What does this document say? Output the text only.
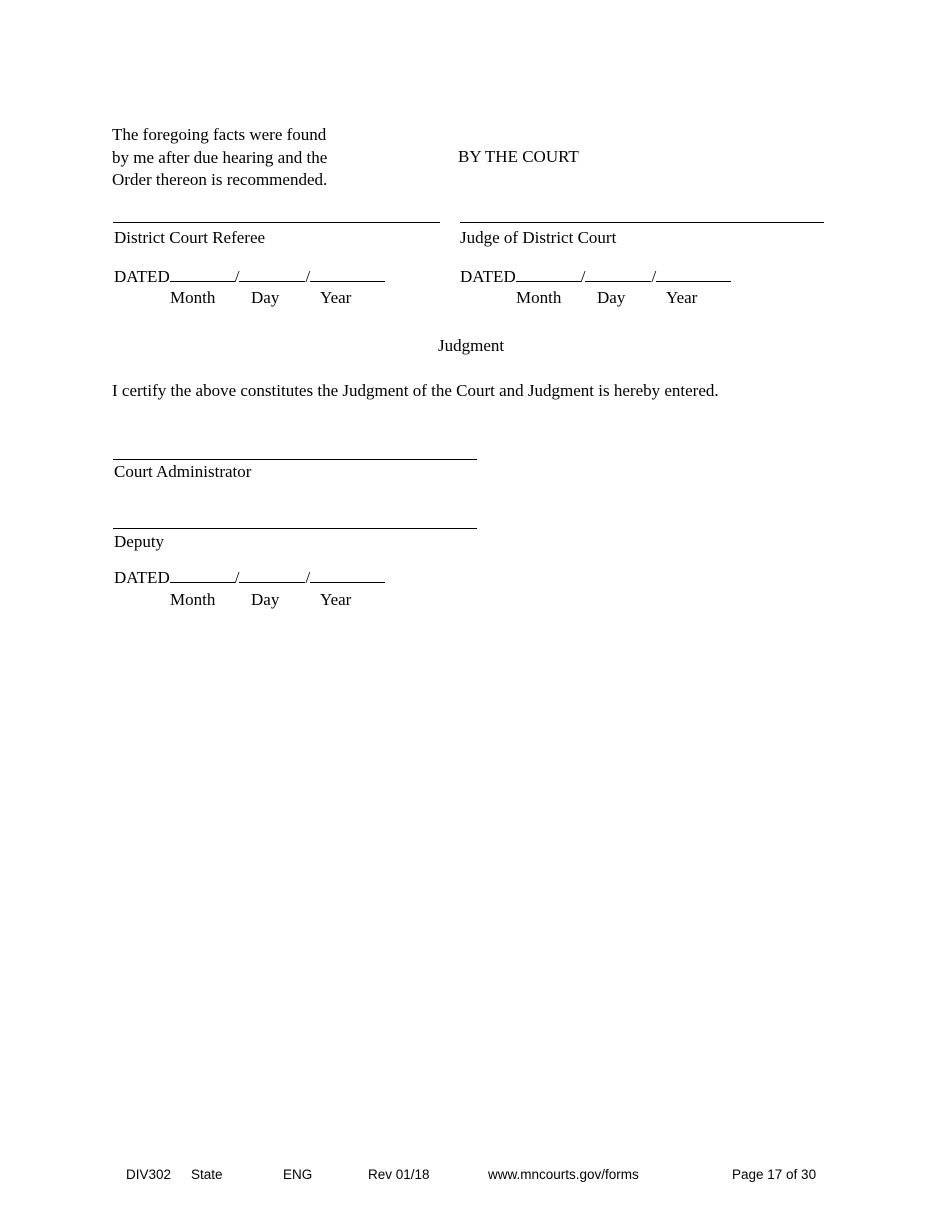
The foregoing facts were found
by me after due hearing and the
Order thereon is recommended.
BY THE COURT
District Court Referee	Judge of District Court
DATED	/	/
Month Day Year
DATED	/	/
Month Day Year
Judgment
I certify the above constitutes the Judgment of the Court and Judgment is hereby entered.
Court Administrator
Deputy
DATED	/	/
Month Day Year
DIV302 State	ENG	Rev 01/18	www.mncourts.gov/forms	Page 17 of 30
